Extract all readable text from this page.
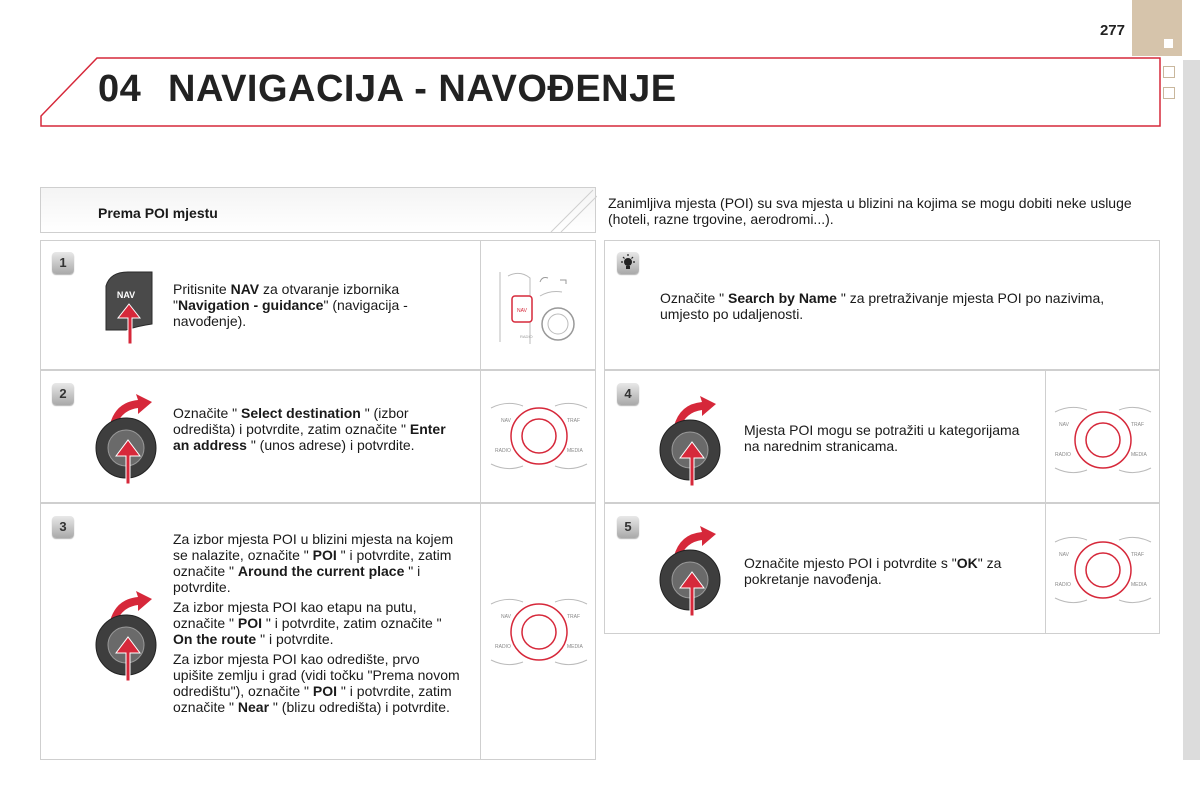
277
04 NAVIGACIJA - NAVOĐENJE
Prema POI mjestu
1
NAV	Pritisnite NAV za otvaranje izbornika "Navigation - guidance" (navigacija - navođenje).
NAV
RADIO
2
Označite " Select destination " (izbor odredišta) i potvrdite, zatim označite " Enter an address " (unos adrese) i potvrdite.
NAV	TRAF
RADIO	MEDIA
3

Za izbor mjesta POI u blizini mjesta na kojem se nalazite, označite " POI " i potvrdite, zatim označite " Around the current place " i potvrdite.

Za izbor mjesta POI kao etapu na putu, označite " POI " i potvrdite, zatim označite " On the route " i potvrdite.

Za izbor mjesta POI kao odredište, prvo upišite zemlju i grad (vidi točku "Prema novom odredištu"), označite " POI " i potvrdite, zatim označite " Near " (blizu odredišta) i potvrdite.

NAV	TRAF
RADIO	MEDIA
Zanimljiva mjesta (POI) su sva mjesta u blizini na kojima se mogu dobiti neke usluge (hoteli, razne trgovine, aerodromi...).
Označite " Search by Name " za pretraživanje mjesta POI po nazivima, umjesto po udaljenosti.
4
Mjesta POI mogu se potražiti u kategorijama na narednim stranicama.
NAV	TRAF
RADIO	MEDIA
5
Označite mjesto POI i potvrdite s "OK" za pokretanje navođenja.
NAV	TRAF
RADIO	MEDIA
